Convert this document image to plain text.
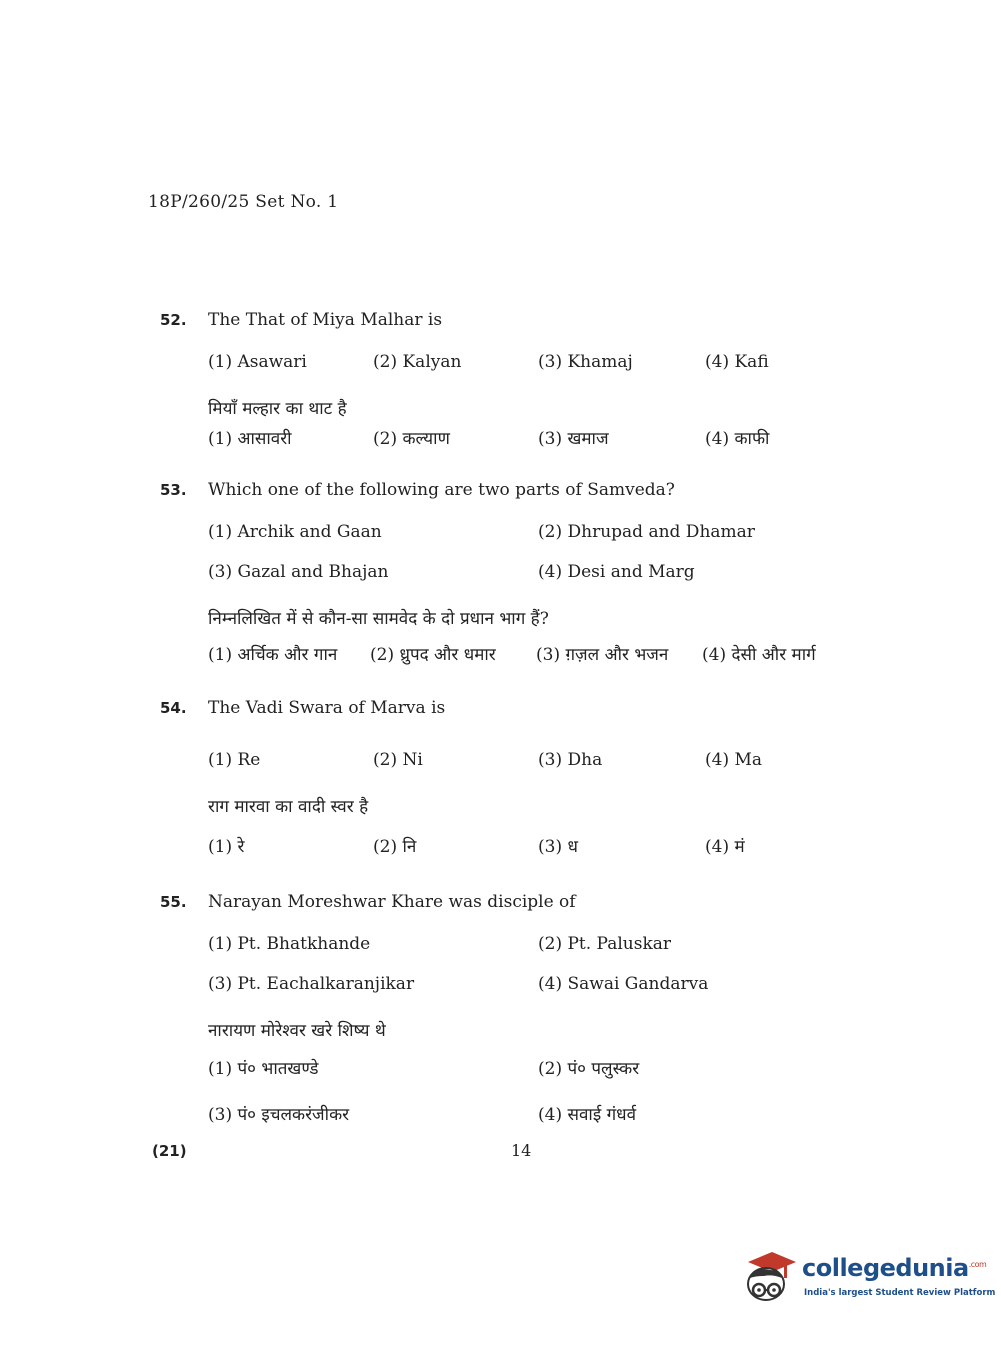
18P/260/25 Set No. 1
52.	The That of Miya Malhar is
(1) Asawari	(2) Kalyan	(3) Khamaj	(4) Kafi
मियाँ मल्हार का थाट है
(1) आसावरी	(2) कल्याण	(3) खमाज	(4) काफी
53.	Which one of the following are two parts of Samveda?
(1) Archik and Gaan	(2) Dhrupad and Dhamar
(3) Gazal and Bhajan	(4) Desi and Marg
निम्नलिखित में से कौन-सा सामवेद के दो प्रधान भाग हैं?
(1) अर्चिक और गान (2) ध्रुपद और धमार (3) ग़ज़ल और भजन (4) देसी और मार्ग
54.	The Vadi Swara of Marva is
(1) Re	(2) Ni	(3) Dha	(4) Ma
राग मारवा का वादी स्वर है
(1) रे	(2) नि	(3) ध	(4) मं
55.	Narayan Moreshwar Khare was disciple of
(1) Pt. Bhatkhande	(2) Pt. Paluskar
(3) Pt. Eachalkaranjikar	(4) Sawai Gandarva
नारायण मोरेश्वर खरे शिष्य थे
(1) पं० भातखण्डे	(2) पं० पलुस्कर
(3) पं० इचलकरंजीकर	(4) सवाई गंधर्व
(21)	14
collegedunia$^{.com}$
India's largest Student Review Platform
